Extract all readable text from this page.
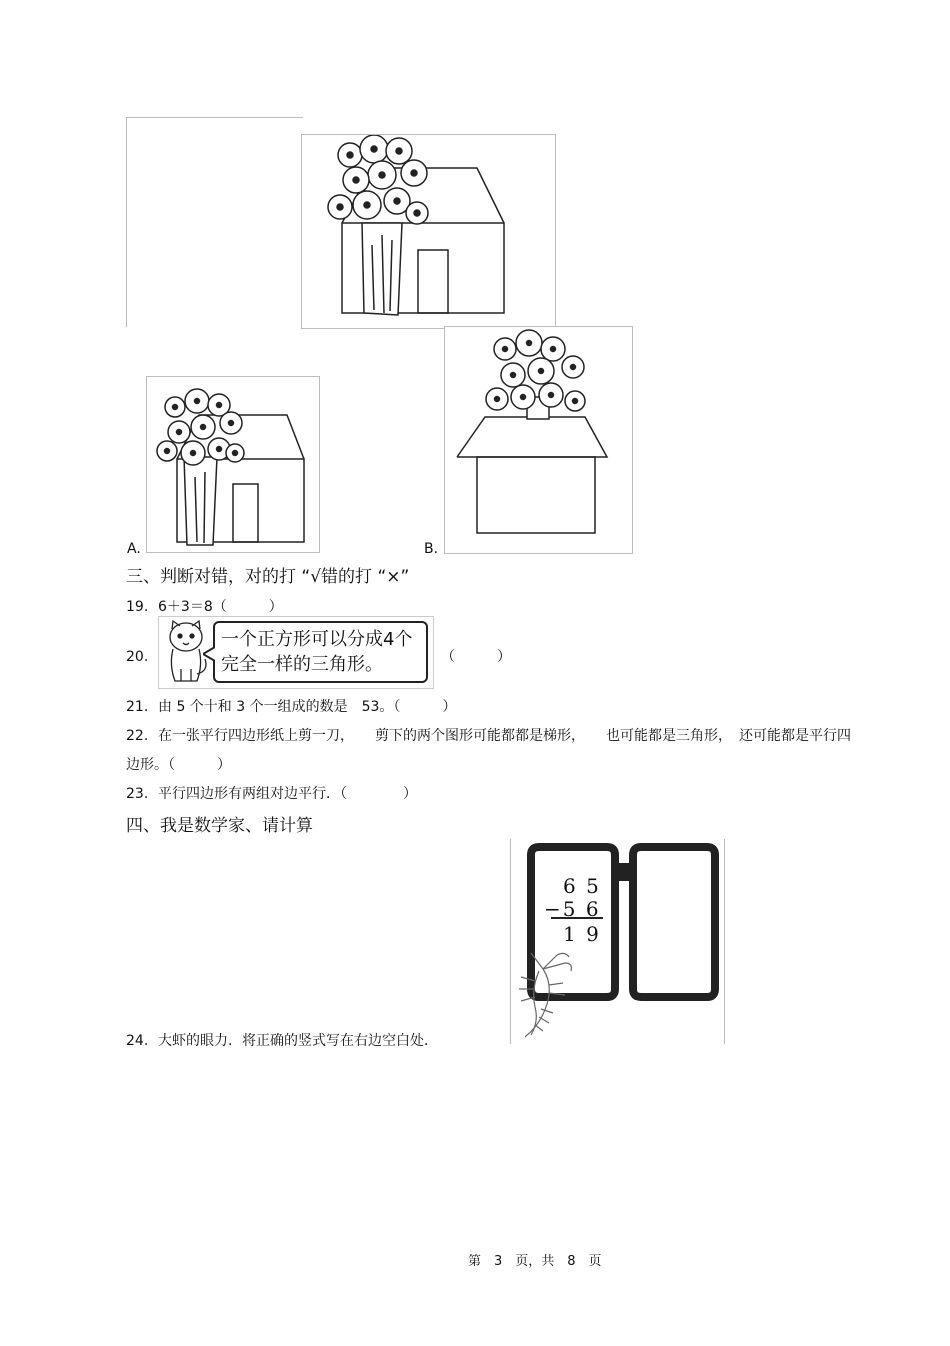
A.	B.
三、判断对错，对的打 “√错的打 “×”
19. 6＋3＝8（　　　）
20.
一个正方形可以分成4个
完全一样的三角形。	（　　　）
21. 由 5 个十和 3 个一组成的数是　53。（　　　）
22. 在一张平行四边形纸上剪一刀，　　剪下的两个图形可能都都是梯形，　　也可能都是三角形，　还可能都是平行四
边形。（　　　）
23. 平行四边形有两组对边平行．（　　　　）
四、我是数学家、请计算
6 5
−5 6
1 9
24. 大虾的眼力．将正确的竖式写在右边空白处．
第　3　页，共　8　页
